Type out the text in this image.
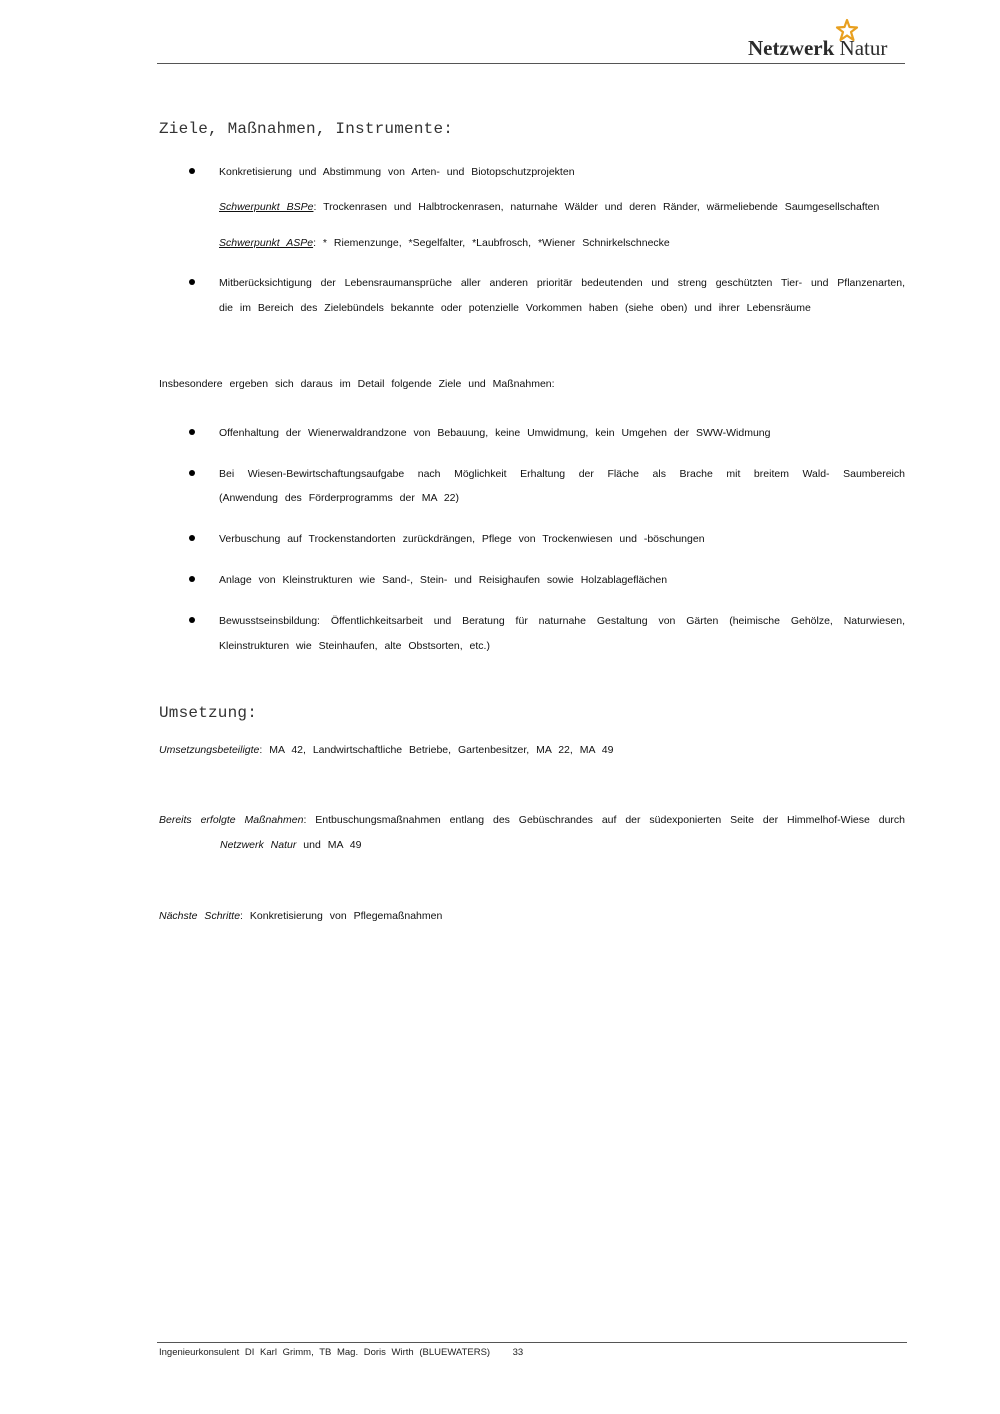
Netzwerk Natur
Ziele, Maßnahmen, Instrumente:
Konkretisierung und Abstimmung von Arten- und Biotopschutzprojekten
Schwerpunkt BSPe: Trockenrasen und Halbtrockenrasen, naturnahe Wälder und deren Ränder, wärmeliebende Saumgesellschaften
Schwerpunkt ASPe: * Riemenzunge, *Segelfalter, *Laubfrosch, *Wiener Schnirkelschnecke
Mitberücksichtigung der Lebensraumansprüche aller anderen prioritär bedeutenden und streng geschützten Tier- und Pflanzenarten,
die im Bereich des Zielebündels bekannte oder potenzielle Vorkommen haben (siehe oben) und ihrer Lebensräume
Insbesondere ergeben sich daraus im Detail folgende Ziele und Maßnahmen:
Offenhaltung der Wienerwaldrandzone von Bebauung, keine Umwidmung, kein Umgehen der SWW-Widmung
Bei Wiesen-Bewirtschaftungsaufgabe nach Möglichkeit Erhaltung der Fläche als Brache mit breitem Wald- Saumbereich
(Anwendung des Förderprogramms der MA 22)
Verbuschung auf Trockenstandorten zurückdrängen, Pflege von Trockenwiesen und -böschungen
Anlage von Kleinstrukturen wie Sand-, Stein- und Reisighaufen sowie Holzablageflächen
Bewusstseinsbildung: Öffentlichkeitsarbeit und Beratung für naturnahe Gestaltung von Gärten (heimische Gehölze, Naturwiesen,
Kleinstrukturen wie Steinhaufen, alte Obstsorten, etc.)
Umsetzung:
Umsetzungsbeteiligte: MA 42, Landwirtschaftliche Betriebe, Gartenbesitzer, MA 22, MA 49
Bereits erfolgte Maßnahmen: Entbuschungsmaßnahmen entlang des Gebüschrandes auf der südexponierten Seite der Himmelhof-Wiese durch
Netzwerk Natur und MA 49
Nächste Schritte: Konkretisierung von Pflegemaßnahmen
Ingenieurkonsulent DI Karl Grimm, TB Mag. Doris Wirth (BLUEWATERS) 33
